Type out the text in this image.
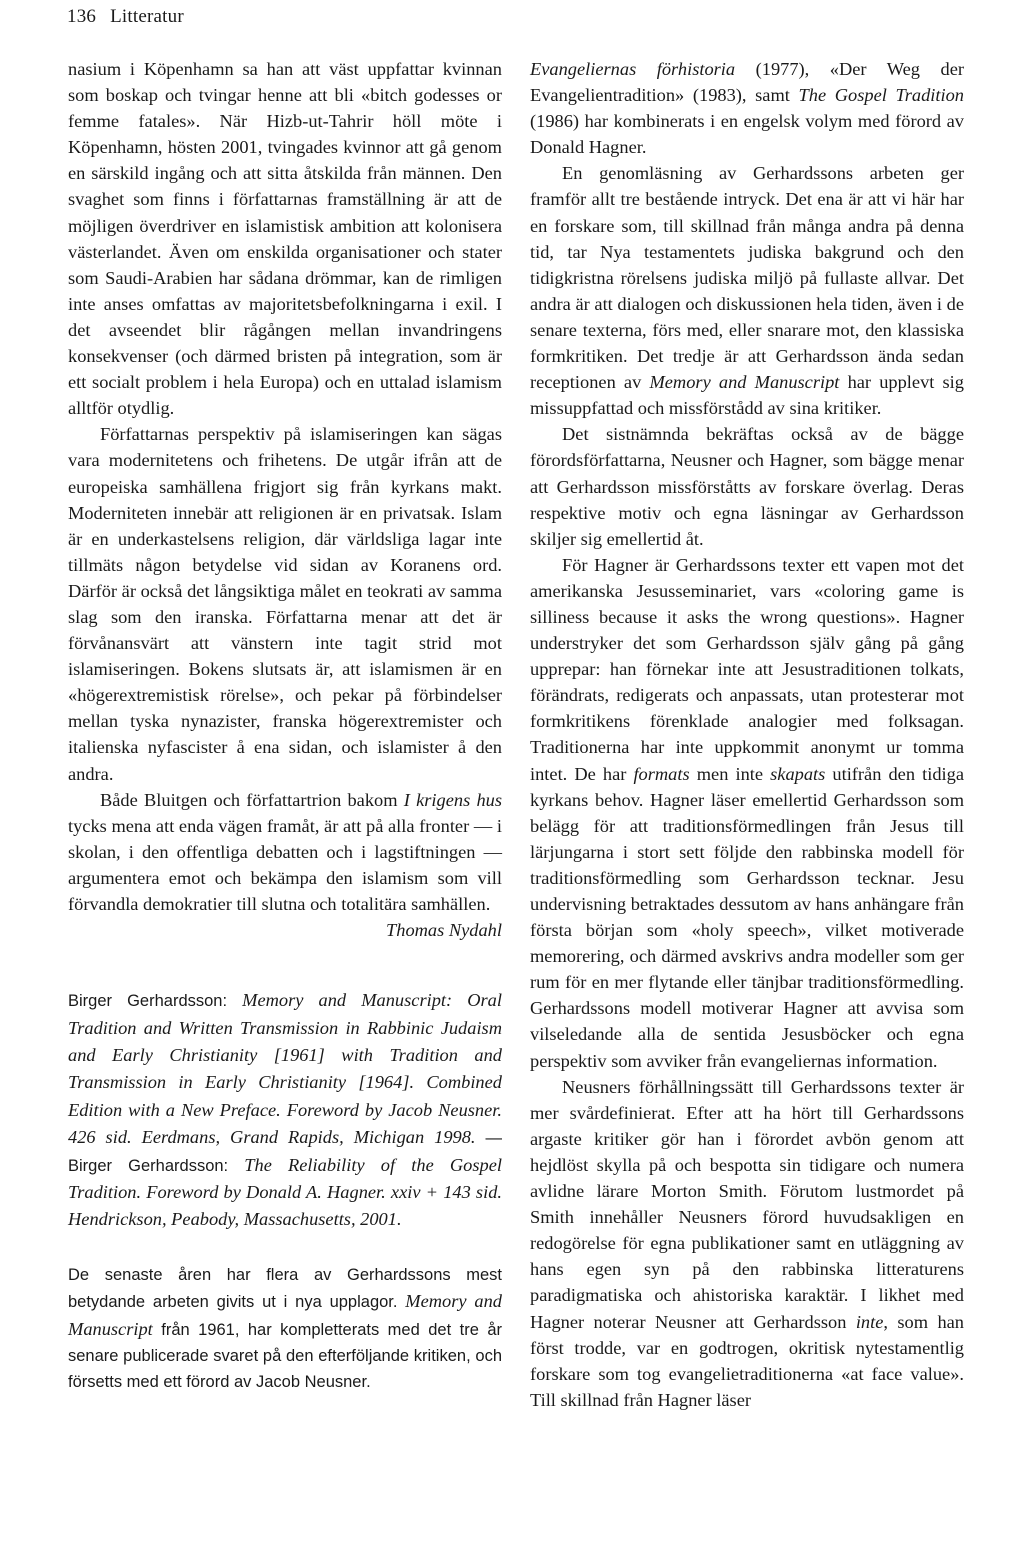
136 Litteratur

nasium i Köpenhamn sa han att väst uppfattar kvinnan som boskap och tvingar henne att bli «bitch godesses or femme fatales». När Hizb-ut-Tahrir höll möte i Köpenhamn, hösten 2001, tvingades kvinnor att gå genom en särskild ingång och att sitta åtskilda från männen. Den svaghet som finns i författarnas framställning är att de möjligen överdriver en islamistisk ambition att kolonisera västerlandet. Även om enskilda organisationer och stater som Saudi-Arabien har sådana drömmar, kan de rimligen inte anses omfattas av majoritetsbefolkningarna i exil. I det avseendet blir rågången mellan invandringens konsekvenser (och därmed bristen på integration, som är ett socialt problem i hela Europa) och en uttalad islamism alltför otydlig.

Författarnas perspektiv på islamiseringen kan sägas vara modernitetens och frihetens. De utgår ifrån att de europeiska samhällena frigjort sig från kyrkans makt. Moderniteten innebär att religionen är en privatsak. Islam är en underkastelsens religion, där världsliga lagar inte tillmäts någon betydelse vid sidan av Koranens ord. Därför är också det långsiktiga målet en teokrati av samma slag som den iranska. Författarna menar att det är förvånansvärt att vänstern inte tagit strid mot islamiseringen. Bokens slutsats är, att islamismen är en «högerextremistisk rörelse», och pekar på förbindelser mellan tyska nynazister, franska högerextremister och italienska nyfascister å ena sidan, och islamister å den andra.

Både Bluitgen och författartrion bakom I krigens hus tycks mena att enda vägen framåt, är att på alla fronter — i skolan, i den offentliga debatten och i lagstiftningen — argumentera emot och bekämpa den islamism som vill förvandla demokratier till slutna och totalitära samhällen.

Thomas Nydahl

Birger Gerhardsson: Memory and Manuscript: Oral Tradition and Written Transmission in Rabbinic Judaism and Early Christianity [1961] with Tradition and Transmission in Early Christianity [1964]. Combined Edition with a New Preface. Foreword by Jacob Neusner. 426 sid. Eerdmans, Grand Rapids, Michigan 1998. — Birger Gerhardsson: The Reliability of the Gospel Tradition. Foreword by Donald A. Hagner. xxiv + 143 sid. Hendrickson, Peabody, Massachusetts, 2001.

De senaste åren har flera av Gerhardssons mest betydande arbeten givits ut i nya upplagor. Memory and Manuscript från 1961, har kompletterats med det tre år senare publicerade svaret på den efterföljande kritiken, och försetts med ett förord av Jacob Neusner.

Evangeliernas förhistoria (1977), «Der Weg der Evangelientradition» (1983), samt The Gospel Tradition (1986) har kombinerats i en engelsk volym med förord av Donald Hagner.

En genomläsning av Gerhardssons arbeten ger framför allt tre bestående intryck. Det ena är att vi här har en forskare som, till skillnad från många andra på denna tid, tar Nya testamentets judiska bakgrund och den tidigkristna rörelsens judiska miljö på fullaste allvar. Det andra är att dialogen och diskussionen hela tiden, även i de senare texterna, förs med, eller snarare mot, den klassiska formkritiken. Det tredje är att Gerhardsson ända sedan receptionen av Memory and Manuscript har upplevt sig missuppfattad och missförstådd av sina kritiker.

Det sistnämnda bekräftas också av de bägge förordsförfattarna, Neusner och Hagner, som bägge menar att Gerhardsson missförståtts av forskare överlag. Deras respektive motiv och egna läsningar av Gerhardsson skiljer sig emellertid åt.

För Hagner är Gerhardssons texter ett vapen mot det amerikanska Jesusseminariet, vars «coloring game is silliness because it asks the wrong questions». Hagner understryker det som Gerhardsson själv gång på gång upprepar: han förnekar inte att Jesustraditionen tolkats, förändrats, redigerats och anpassats, utan protesterar mot formkritikens förenklade analogier med folksagan. Traditionerna har inte uppkommit anonymt ur tomma intet. De har formats men inte skapats utifrån den tidiga kyrkans behov. Hagner läser emellertid Gerhardsson som belägg för att traditionsförmedlingen från Jesus till lärjungarna i stort sett följde den rabbinska modell för traditionsförmedling som Gerhardsson tecknar. Jesu undervisning betraktades dessutom av hans anhängare från första början som «holy speech», vilket motiverade memorering, och därmed avskrivs andra modeller som ger rum för en mer flytande eller tänjbar traditionsförmedling. Gerhardssons modell motiverar Hagner att avvisa som vilseledande alla de sentida Jesusböcker och egna perspektiv som avviker från evangeliernas information.

Neusners förhållningssätt till Gerhardssons texter är mer svårdefinierat. Efter att ha hört till Gerhardssons argaste kritiker gör han i förordet avbön genom att hejdlöst skylla på och bespotta sin tidigare och numera avlidne lärare Morton Smith. Förutom lustmordet på Smith innehåller Neusners förord huvudsakligen en redogörelse för egna publikationer samt en utläggning av hans egen syn på den rabbinska litteraturens paradigmatiska och ahistoriska karaktär. I likhet med Hagner noterar Neusner att Gerhardsson inte, som han först trodde, var en godtrogen, okritisk nytestamentlig forskare som tog evangelietraditionerna «at face value». Till skillnad från Hagner läser
